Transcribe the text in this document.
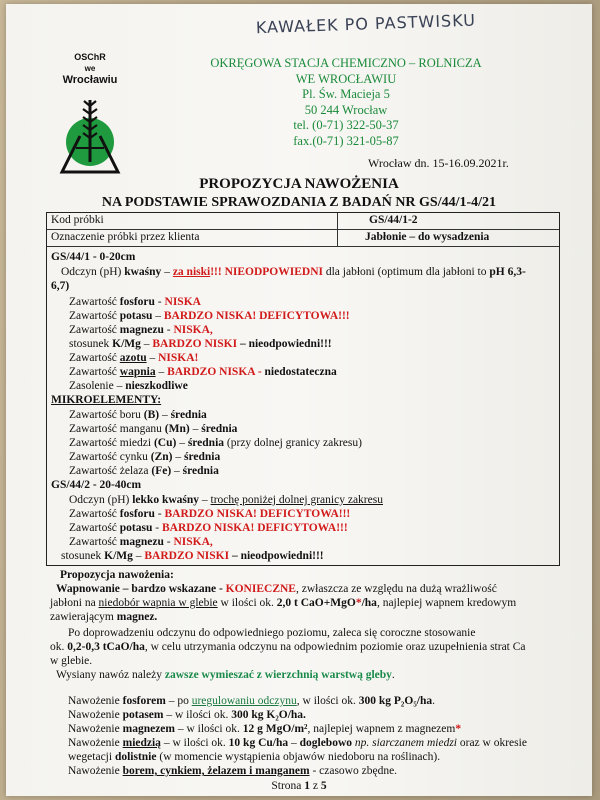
KAWAŁEK PO PASTWISKU
OSChR
we
Wrocławiu
OKRĘGOWA STACJA CHEMICZNO – ROLNICZA
WE WROCŁAWIU
Pl. Św. Macieja 5
50 244 Wrocław
tel. (0-71) 322-50-37
fax.(0-71) 321-05-87
Wrocław dn. 15-16.09.2021r.
PROPOZYCJA NAWOŻENIA
NA PODSTAWIE SPRAWOZDANIA Z BADAŃ NR GS/44/1-4/21
Kod próbki	GS/44/1-2
Oznaczenie próbki przez klienta	Jabłonie – do wysadzenia
GS/44/1 - 0-20cm
Odczyn (pH) kwaśny – za niski!!! NIEODPOWIEDNI dla jabłoni (optimum dla jabłoni to pH 6,3-
6,7)
Zawartość fosforu - NISKA
Zawartość potasu – BARDZO NISKA! DEFICYTOWA!!!
Zawartość magnezu - NISKA,
stosunek K/Mg – BARDZO NISKI – nieodpowiedni!!!
Zawartość azotu – NISKA!
Zawartość wapnia – BARDZO NISKA - niedostateczna
Zasolenie – nieszkodliwe
MIKROELEMENTY:
Zawartość boru (B) – średnia
Zawartość manganu (Mn) – średnia
Zawartość miedzi (Cu) – średnia (przy dolnej granicy zakresu)
Zawartość cynku (Zn) – średnia
Zawartość żelaza (Fe) – średnia
GS/44/2 - 20-40cm
Odczyn (pH) lekko kwaśny – trochę poniżej dolnej granicy zakresu
Zawartość fosforu - BARDZO NISKA! DEFICYTOWA!!!
Zawartość potasu - BARDZO NISKA! DEFICYTOWA!!!
Zawartość magnezu - NISKA,
stosunek K/Mg – BARDZO NISKI – nieodpowiedni!!!
Propozycja nawożenia:
Wapnowanie – bardzo wskazane - KONIECZNE, zwłaszcza ze względu na dużą wrażliwość
jabłoni na niedobór wapnia w glebie w ilości ok. 2,0 t CaO+MgO*/ha, najlepiej wapnem kredowym
zawierającym magnez.
Po doprowadzeniu odczynu do odpowiedniego poziomu, zaleca się coroczne stosowanie
ok. 0,2-0,3 tCaO/ha, w celu utrzymania odczynu na odpowiednim poziomie oraz uzupełnienia strat Ca
w glebie.
Wysiany nawóz należy zawsze wymieszać z wierzchnią warstwą gleby.
Nawożenie fosforem – po uregulowaniu odczynu, w ilości ok. 300 kg P₂O₅/ha.
Nawożenie potasem – w ilości ok. 300 kg K₂O/ha.
Nawożenie magnezem – w ilości ok. 12 g MgO/m², najlepiej wapnem z magnezem*
Nawożenie miedzią – w ilości ok. 10 kg Cu/ha – doglebowo np. siarczanem miedzi oraz w okresie
wegetacji dolistnie (w momencie wystąpienia objawów niedoboru na roślinach).
Nawożenie borem, cynkiem, żelazem i manganem - czasowo zbędne.
Strona 1 z 5
